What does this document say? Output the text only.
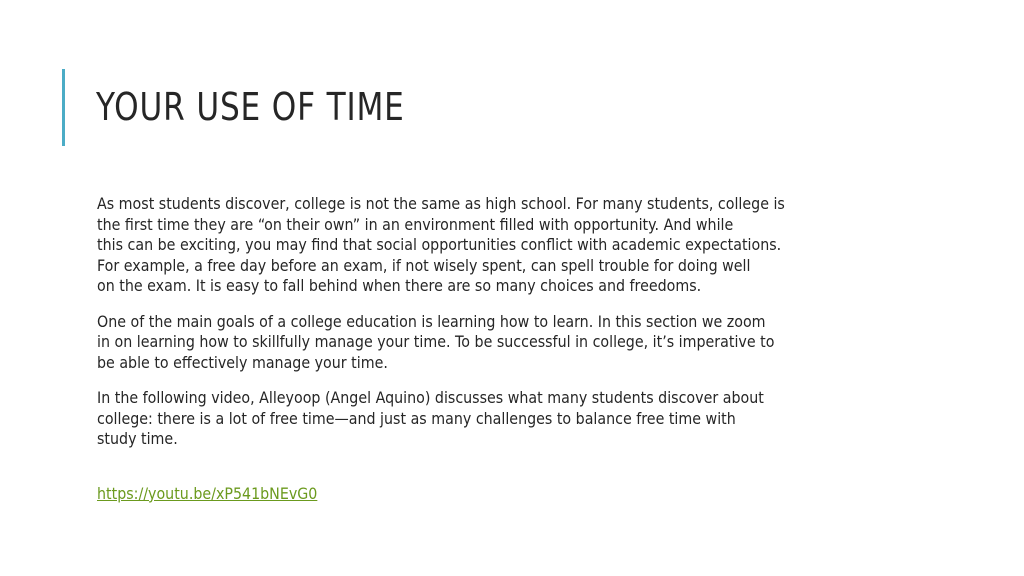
YOUR USE OF TIME

As most students discover, college is not the same as high school. For many students, college is
the first time they are “on their own” in an environment filled with opportunity. And while
this can be exciting, you may find that social opportunities conflict with academic expectations.
For example, a free day before an exam, if not wisely spent, can spell trouble for doing well
on the exam. It is easy to fall behind when there are so many choices and freedoms.

One of the main goals of a college education is learning how to learn. In this section we zoom
in on learning how to skillfully manage your time. To be successful in college, it’s imperative to
be able to effectively manage your time.

In the following video, Alleyoop (Angel Aquino) discusses what many students discover about
college: there is a lot of free time—and just as many challenges to balance free time with
study time.

https://youtu.be/xP541bNEvG0
